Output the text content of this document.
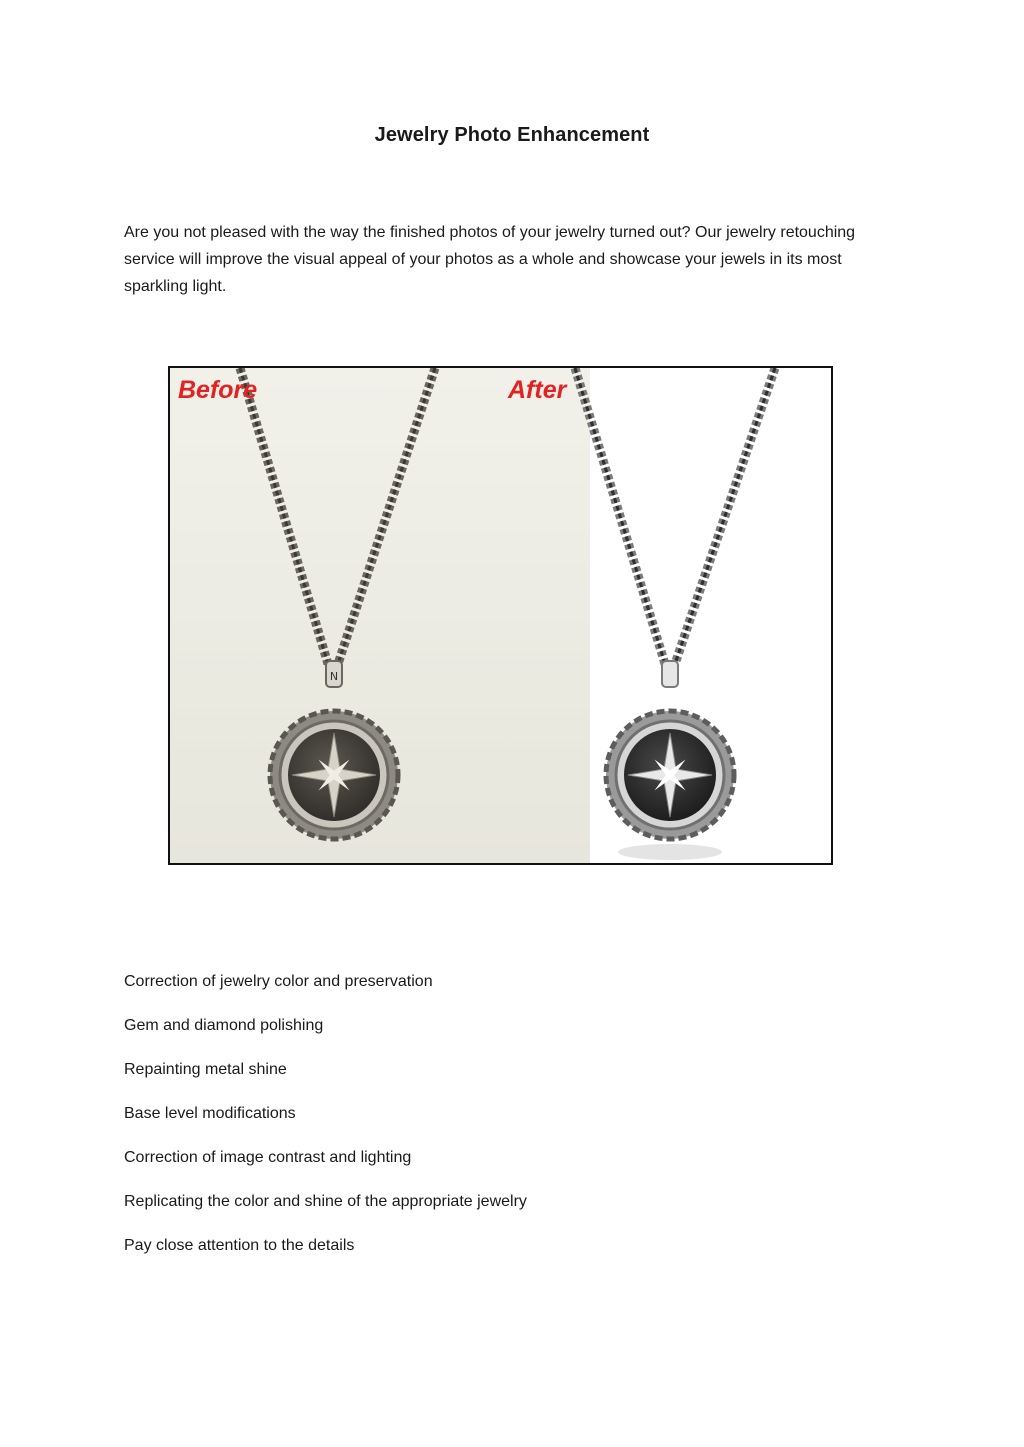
Jewelry Photo Enhancement

Are you not pleased with the way the finished photos of your jewelry turned out? Our jewelry retouching service will improve the visual appeal of your photos as a whole and showcase your jewels in its most sparkling light.

N
Before	After
Correction of jewelry color and preservation
Gem and diamond polishing
Repainting metal shine
Base level modifications
Correction of image contrast and lighting
Replicating the color and shine of the appropriate jewelry
Pay close attention to the details
